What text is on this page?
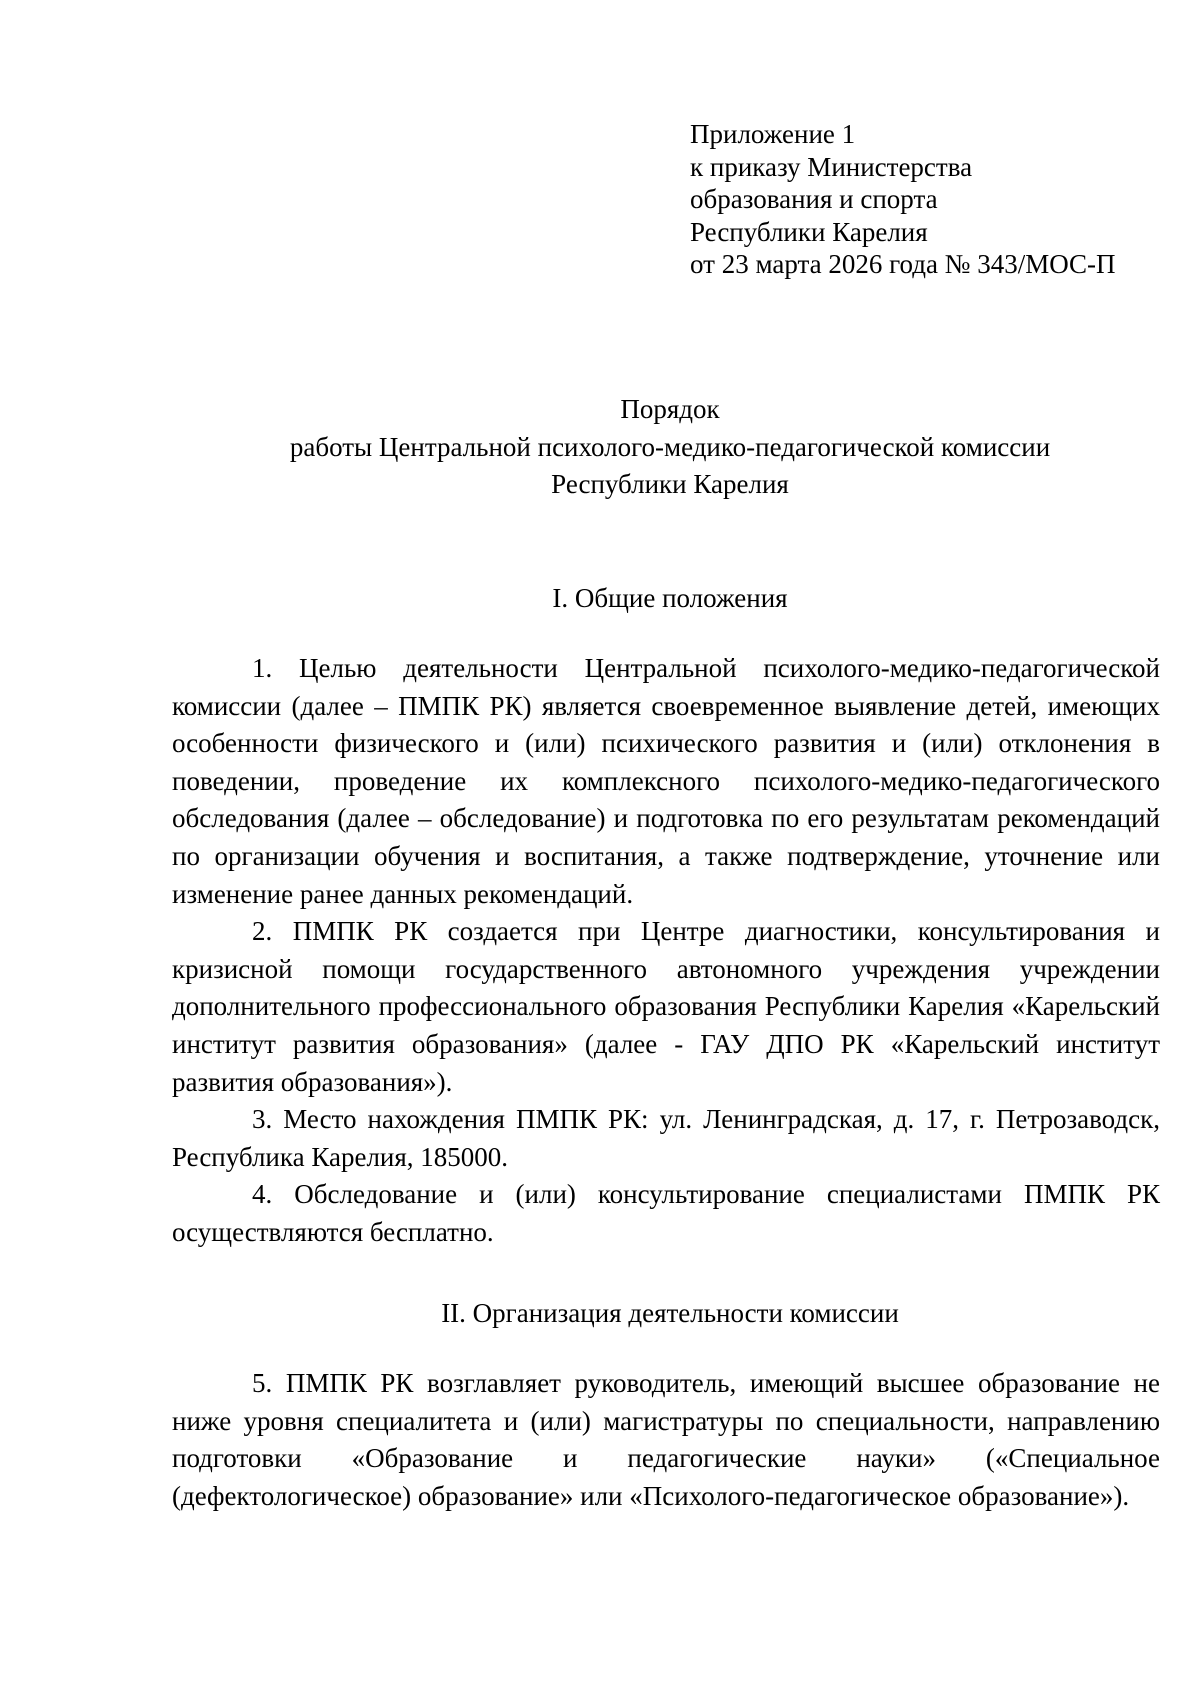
Приложение 1
к приказу Министерства
образования и спорта
Республики Карелия
от 23 марта 2026 года № 343/МОС-П
Порядок
работы Центральной психолого-медико-педагогической комиссии
Республики Карелия
I. Общие положения

1. Целью деятельности Центральной психолого-медико-педагогической комиссии (далее – ПМПК РК) является своевременное выявление детей, имеющих особенности физического и (или) психического развития и (или) отклонения в поведении, проведение их комплексного психолого-медико-педагогического обследования (далее – обследование) и подготовка по его результатам рекомендаций по организации обучения и воспитания, а также подтверждение, уточнение или изменение ранее данных рекомендаций.

2. ПМПК РК создается при Центре диагностики, консультирования и кризисной помощи государственного автономного учреждения учреждении дополнительного профессионального образования Республики Карелия «Карельский институт развития образования» (далее - ГАУ ДПО РК «Карельский институт развития образования»).

3. Место нахождения ПМПК РК: ул. Ленинградская, д. 17, г. Петрозаводск, Республика Карелия, 185000.

4. Обследование и (или) консультирование специалистами ПМПК РК осуществляются бесплатно.

II. Организация деятельности комиссии

5. ПМПК РК возглавляет руководитель, имеющий высшее образование не ниже уровня специалитета и (или) магистратуры по специальности, направлению подготовки «Образование и педагогические науки» («Специальное (дефектологическое) образование» или «Психолого-педагогическое образование»).
